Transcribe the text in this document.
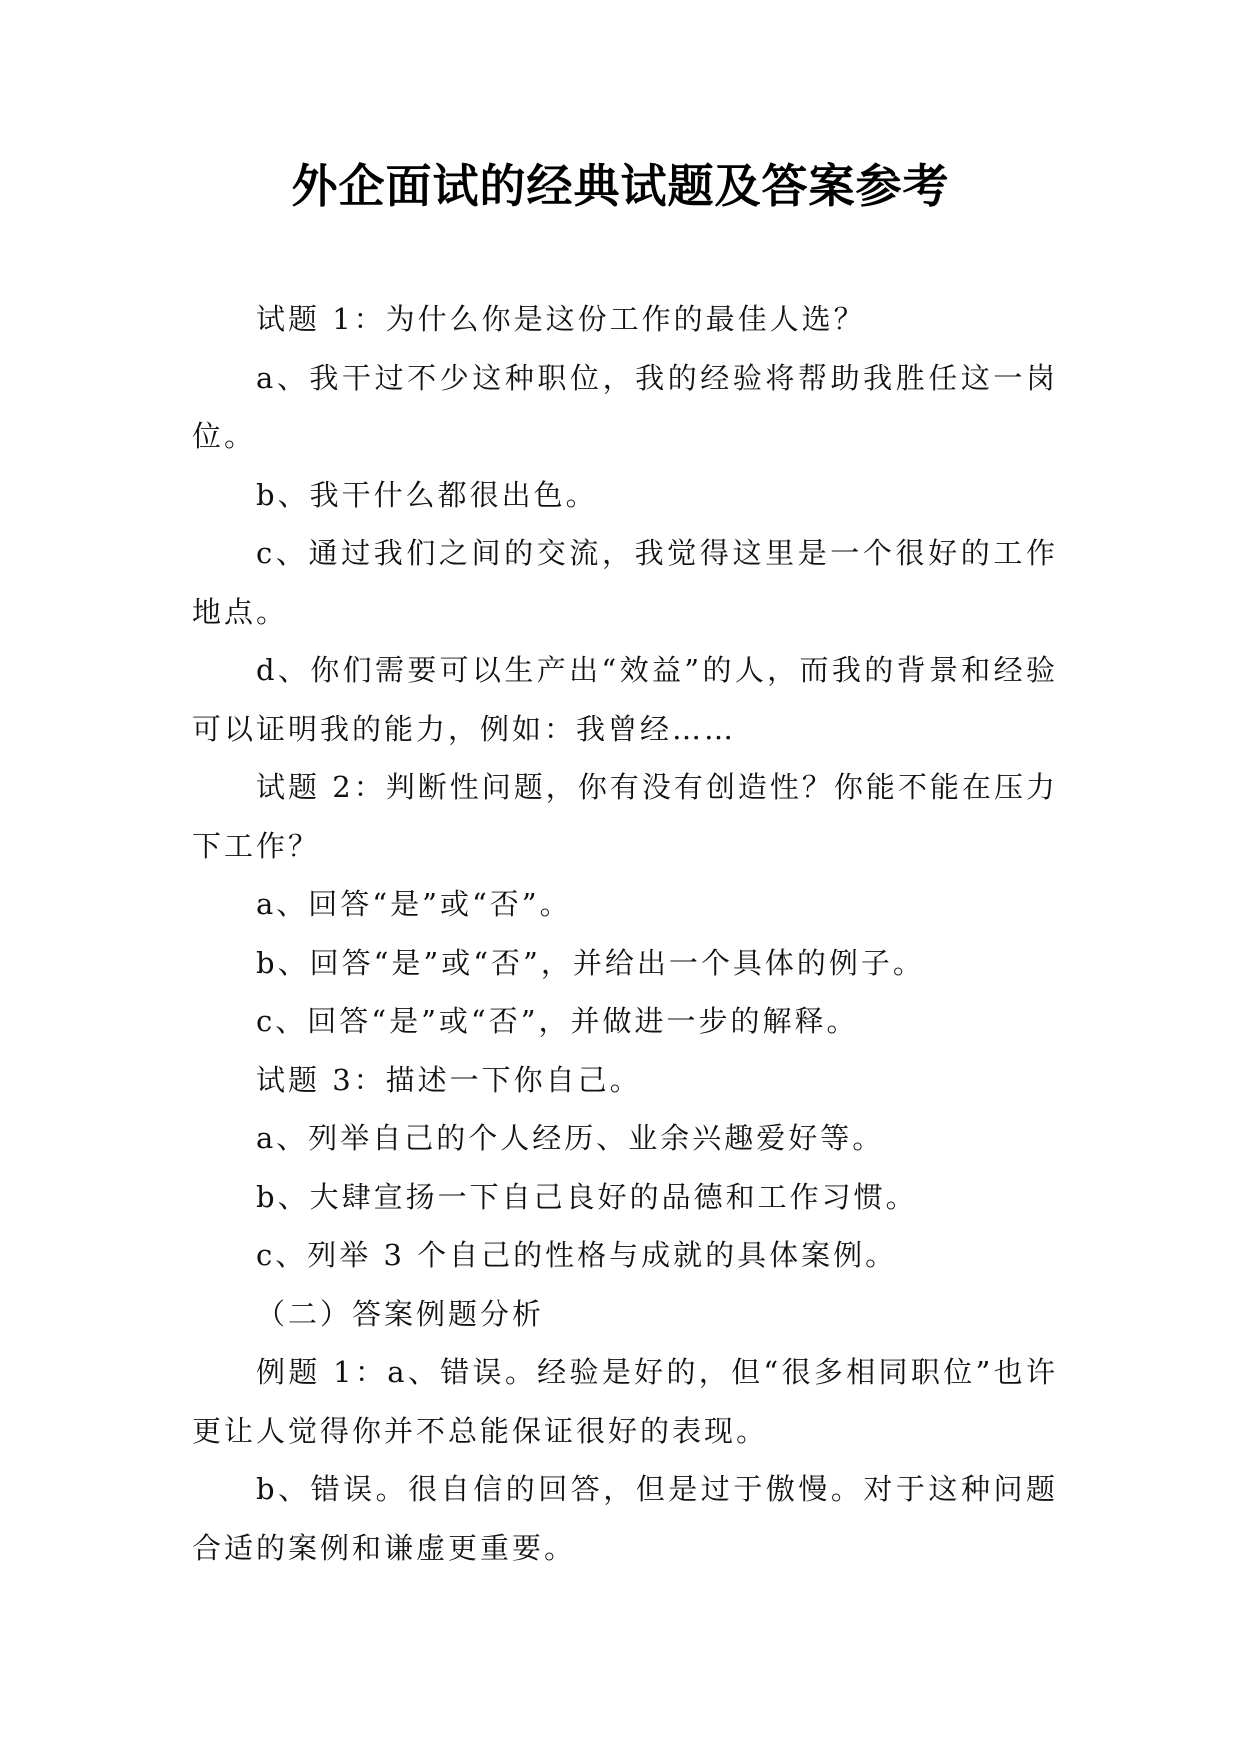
外企面试的经典试题及答案参考

试题 1：为什么你是这份工作的最佳人选？

a、我干过不少这种职位，我的经验将帮助我胜任这一岗位。

b、我干什么都很出色。

c、通过我们之间的交流，我觉得这里是一个很好的工作地点。

d、你们需要可以生产出“效益”的人，而我的背景和经验可以证明我的能力，例如：我曾经……

试题 2：判断性问题，你有没有创造性？你能不能在压力下工作？

a、回答“是”或“否”。

b、回答“是”或“否”，并给出一个具体的例子。

c、回答“是”或“否”，并做进一步的解释。

试题 3：描述一下你自己。

a、列举自己的个人经历、业余兴趣爱好等。

b、大肆宣扬一下自己良好的品德和工作习惯。

c、列举 3 个自己的性格与成就的具体案例。

（二）答案例题分析

例题 1：a、错误。经验是好的，但“很多相同职位”也许更让人觉得你并不总能保证很好的表现。

b、错误。很自信的回答，但是过于傲慢。对于这种问题合适的案例和谦虚更重要。
